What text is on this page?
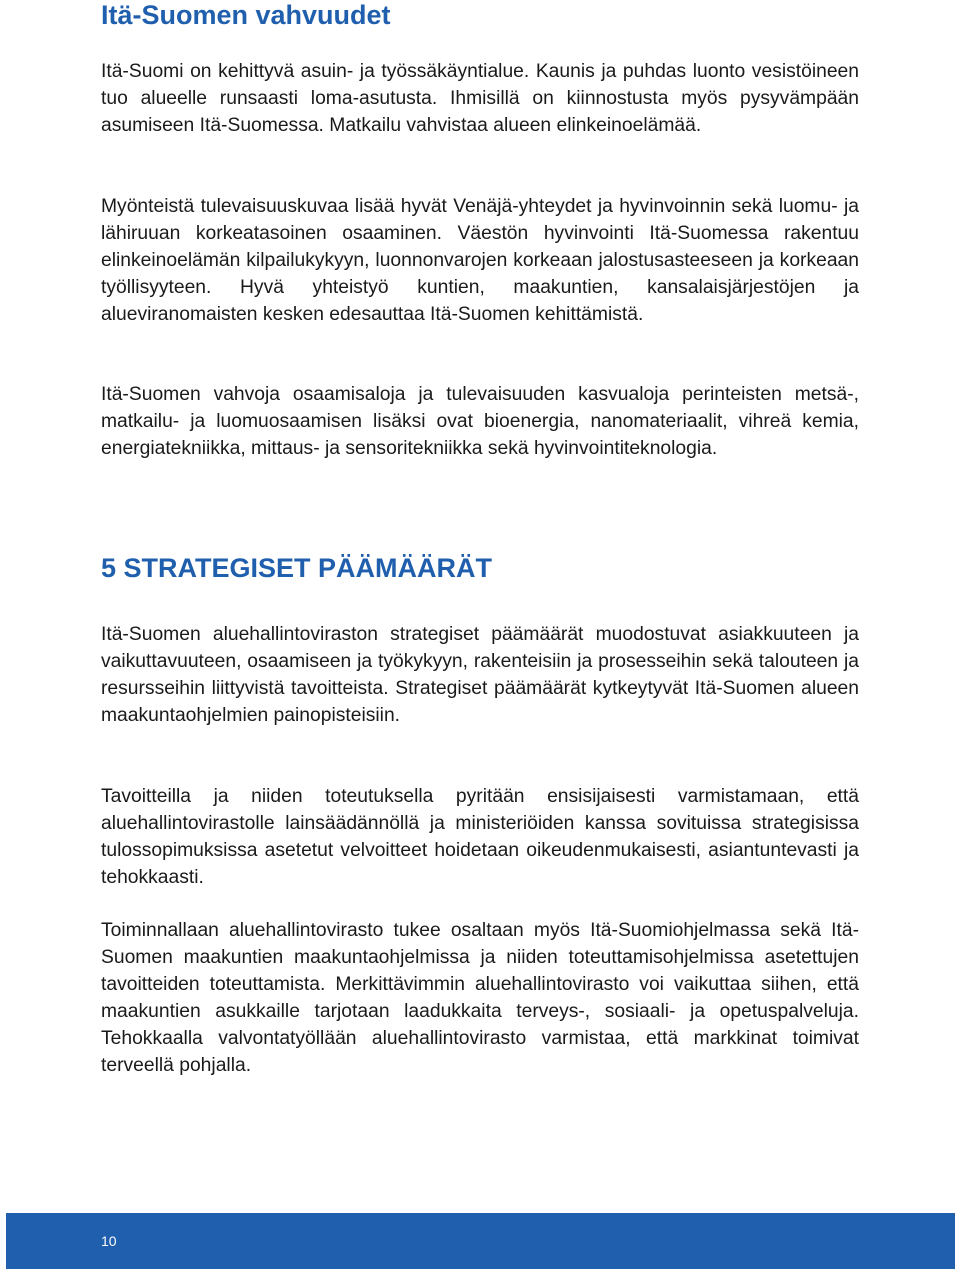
Itä-Suomen vahvuudet

Itä-Suomi on kehittyvä asuin- ja työssäkäyntialue. Kaunis ja puhdas luonto vesistöineen tuo alueelle runsaasti loma-asutusta. Ihmisillä on kiinnostusta myös pysyvämpään asumiseen Itä-Suomessa. Matkailu vahvistaa alueen elinkeinoelämää.

Myönteistä tulevaisuuskuvaa lisää hyvät Venäjä-yhteydet ja hyvinvoinnin sekä luomu- ja lähiruuan korkeatasoinen osaaminen. Väestön hyvinvointi Itä-Suomessa rakentuu elinkeinoelämän kilpailukykyyn, luonnonvarojen korkeaan jalostusasteeseen ja korkeaan työllisyyteen. Hyvä yhteistyö kuntien, maakuntien, kansalaisjärjestöjen ja alueviranomaisten kesken edesauttaa Itä-Suomen kehittämistä.

Itä-Suomen vahvoja osaamisaloja ja tulevaisuuden kasvualoja perinteisten metsä-, matkailu- ja luomuosaamisen lisäksi ovat bioenergia, nanomateriaalit, vihreä kemia, energiatekniikka, mittaus- ja sensoritekniikka sekä hyvinvointiteknologia.

5 STRATEGISET PÄÄMÄÄRÄT

Itä-Suomen aluehallintoviraston strategiset päämäärät muodostuvat asiakkuuteen ja vaikuttavuuteen, osaamiseen ja työkykyyn, rakenteisiin ja prosesseihin sekä talouteen ja resursseihin liittyvistä tavoitteista. Strategiset päämäärät kytkeytyvät Itä-Suomen alueen maakuntaohjelmien painopisteisiin.

Tavoitteilla ja niiden toteutuksella pyritään ensisijaisesti varmistamaan, että aluehallintovirastolle lainsäädännöllä ja ministeriöiden kanssa sovituissa strategisissa tulossopimuksissa asetetut velvoitteet hoidetaan oikeudenmukaisesti, asiantuntevasti ja tehokkaasti.

Toiminnallaan aluehallintovirasto tukee osaltaan myös Itä-Suomiohjelmassa sekä Itä-Suomen maakuntien maakuntaohjelmissa ja niiden toteuttamisohjelmissa asetettujen tavoitteiden toteuttamista. Merkittävimmin aluehallintovirasto voi vaikuttaa siihen, että maakuntien asukkaille tarjotaan laadukkaita terveys-, sosiaali- ja opetuspalveluja. Tehokkaalla valvontatyöllään aluehallintovirasto varmistaa, että markkinat toimivat terveellä pohjalla.

10
